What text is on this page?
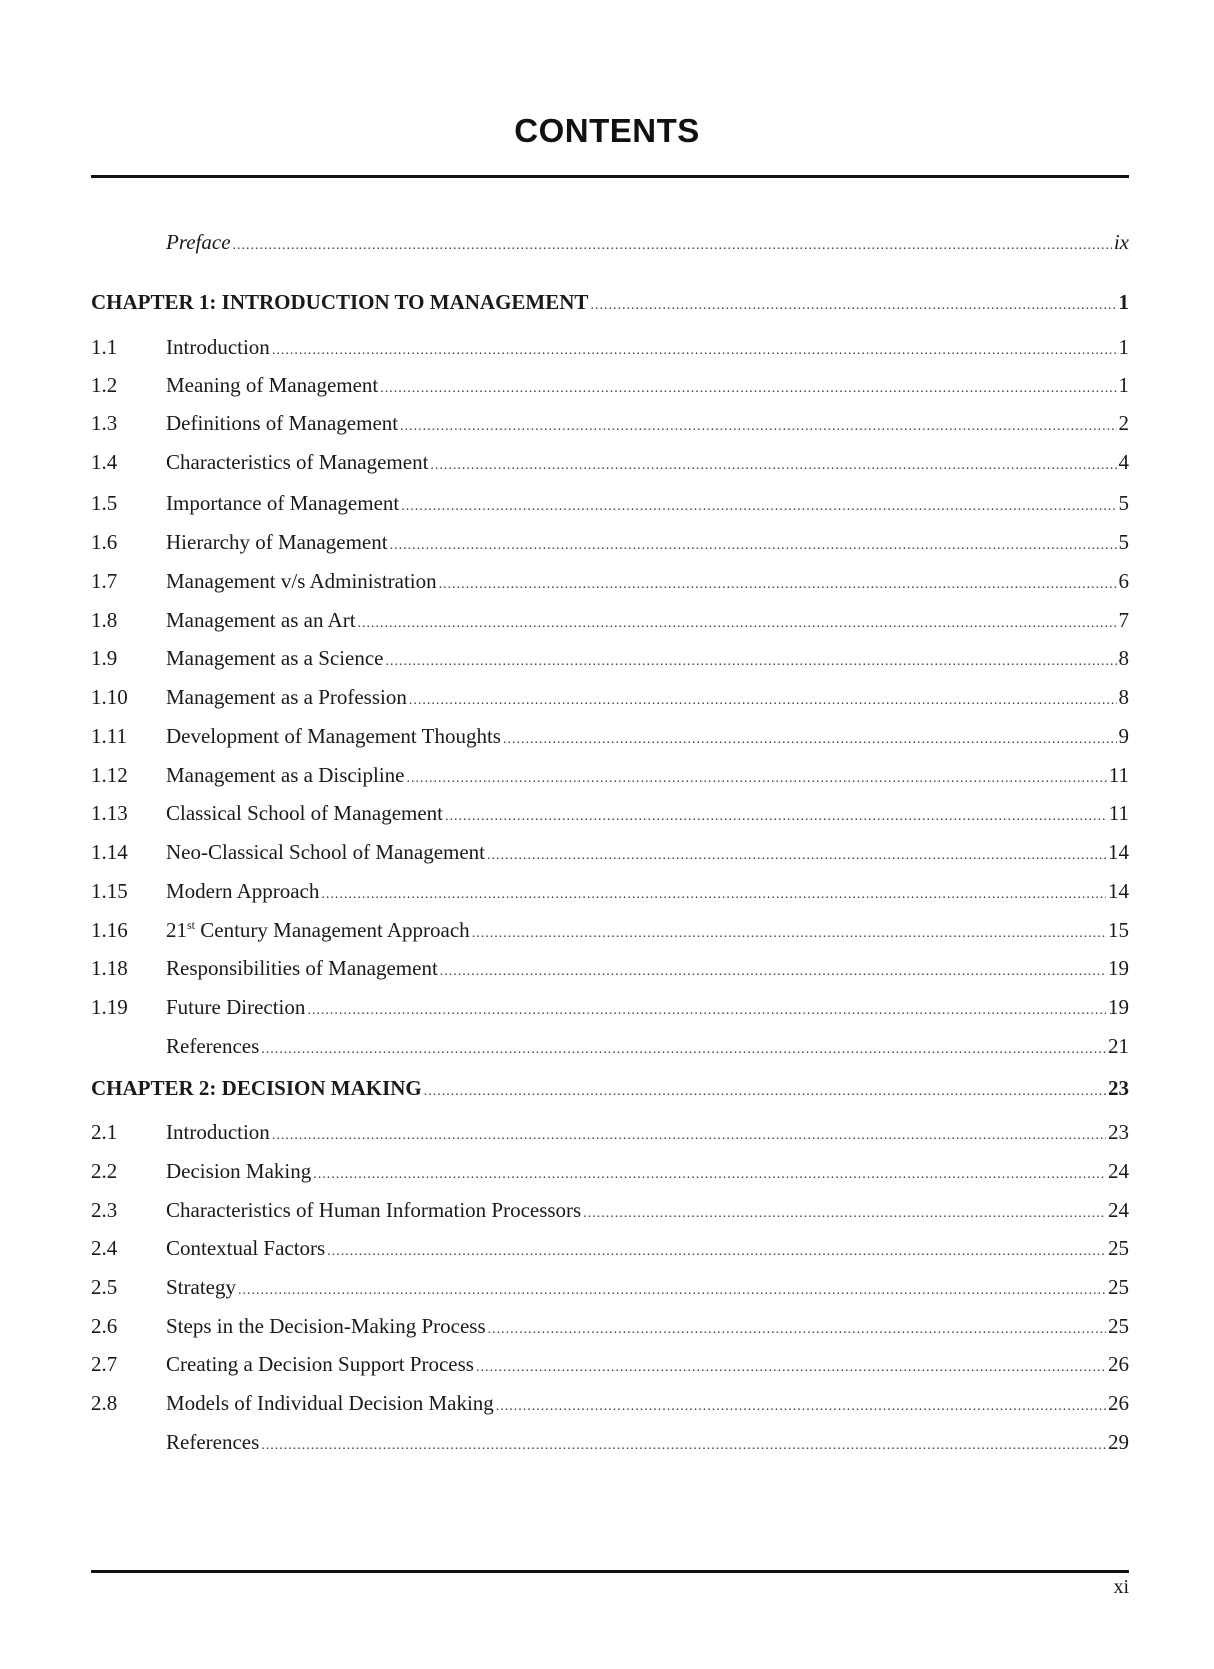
CONTENTS
Preface .....	ix
CHAPTER 1: INTRODUCTION TO MANAGEMENT .....	1
1.1	Introduction .....	1
1.2	Meaning of Management .....	1
1.3	Definitions of Management .....	2
1.4	Characteristics of Management .....	4
1.5	Importance of Management .....	5
1.6	Hierarchy of Management .....	5
1.7	Management v/s Administration .....	6
1.8	Management as an Art .....	7
1.9	Management as a Science .....	8
1.10	Management as a Profession .....	8
1.11	Development of Management Thoughts .....	9
1.12	Management as a Discipline .....	11
1.13	Classical School of Management .....	11
1.14	Neo-Classical School of Management .....	14
1.15	Modern Approach .....	14
1.16	21st Century Management Approach .....	15
1.18	Responsibilities of Management .....	19
1.19	Future Direction .....	19
References .....	21
CHAPTER 2: DECISION MAKING .....	23
2.1	Introduction .....	23
2.2	Decision Making .....	24
2.3	Characteristics of Human Information Processors .....	24
2.4	Contextual Factors .....	25
2.5	Strategy .....	25
2.6	Steps in the Decision-Making Process .....	25
2.7	Creating a Decision Support Process .....	26
2.8	Models of Individual Decision Making .....	26
References .....	29
xi
